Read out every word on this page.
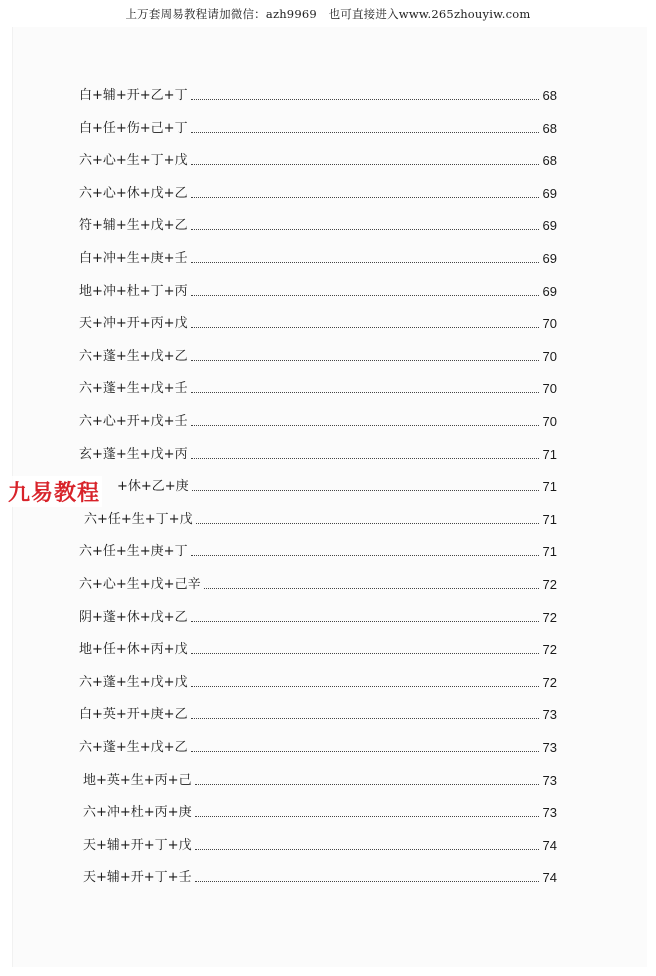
上万套周易教程请加微信：azh9969　也可直接进入www.265zhouyiw.com
白+辅+开+乙+丁	68
白+任+伤+己+丁	68
六+心+生+丁+戊	68
六+心+休+戊+乙	69
符+辅+生+戊+乙	69
白+冲+生+庚+壬	69
地+冲+杜+丁+丙	69
天+冲+开+丙+戊	70
六+蓬+生+戊+乙	70
六+蓬+生+戊+壬	70
六+心+开+戊+壬	70
玄+蓬+生+戊+丙	71
+休+乙+庚	71
六+任+生+丁+戊	71
六+任+生+庚+丁	71
六+心+生+戊+己辛	72
阴+蓬+休+戊+乙	72
地+任+休+丙+戊	72
六+蓬+生+戊+戊	72
白+英+开+庚+乙	73
六+蓬+生+戊+乙	73
地+英+生+丙+己	73
六+冲+杜+丙+庚	73
天+辅+开+丁+戊	74
天+辅+开+丁+壬	74
九易教程
